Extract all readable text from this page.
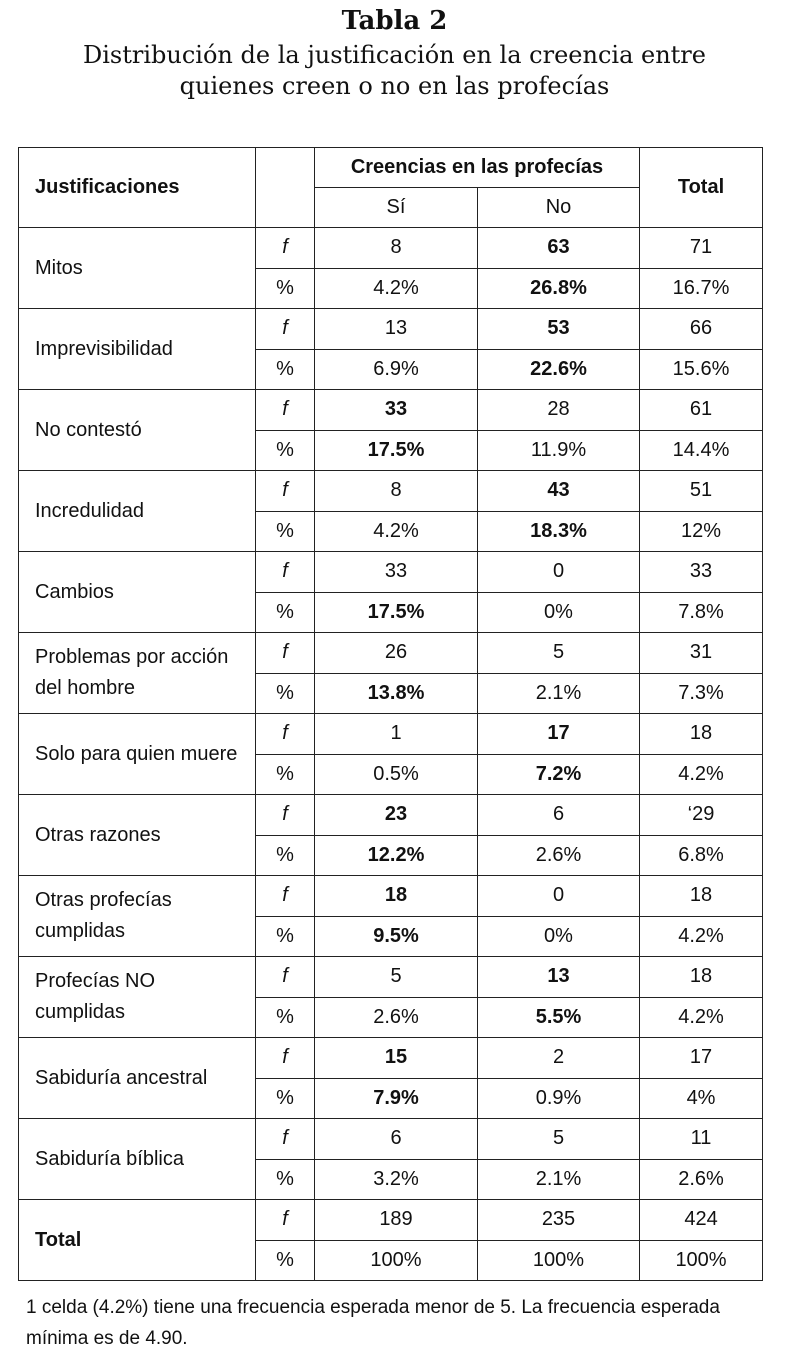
Tabla 2
Distribución de la justificación en la creencia entre
quienes creen o no en las profecías
Justificaciones		Creencias en las profecías		Total
		Sí	No	
Mitos	f	8	63	71
	%	4.2%	26.8%	16.7%
Imprevisibilidad	f	13	53	66
	%	6.9%	22.6%	15.6%
No contestó	f	33	28	61
	%	17.5%	11.9%	14.4%
Incredulidad	f	8	43	51
	%	4.2%	18.3%	12%
Cambios	f	33	0	33
	%	17.5%	0%	7.8%
Problemas por acción
del hombre	f	26	5	31
	%	13.8%	2.1%	7.3%
Solo para quien muere	f	1	17	18
	%	0.5%	7.2%	4.2%
Otras razones	f	23	6	‘29
	%	12.2%	2.6%	6.8%
Otras profecías
cumplidas	f	18	0	18
	%	9.5%	0%	4.2%
Profecías NO
cumplidas	f	5	13	18
	%	2.6%	5.5%	4.2%
Sabiduría ancestral	f	15	2	17
	%	7.9%	0.9%	4%
Sabiduría bíblica	f	6	5	11
	%	3.2%	2.1%	2.6%
Total	f	189	235	424
	%	100%	100%	100%
1 celda (4.2%) tiene una frecuencia esperada menor de 5. La frecuencia esperada
mínima es de 4.90.
